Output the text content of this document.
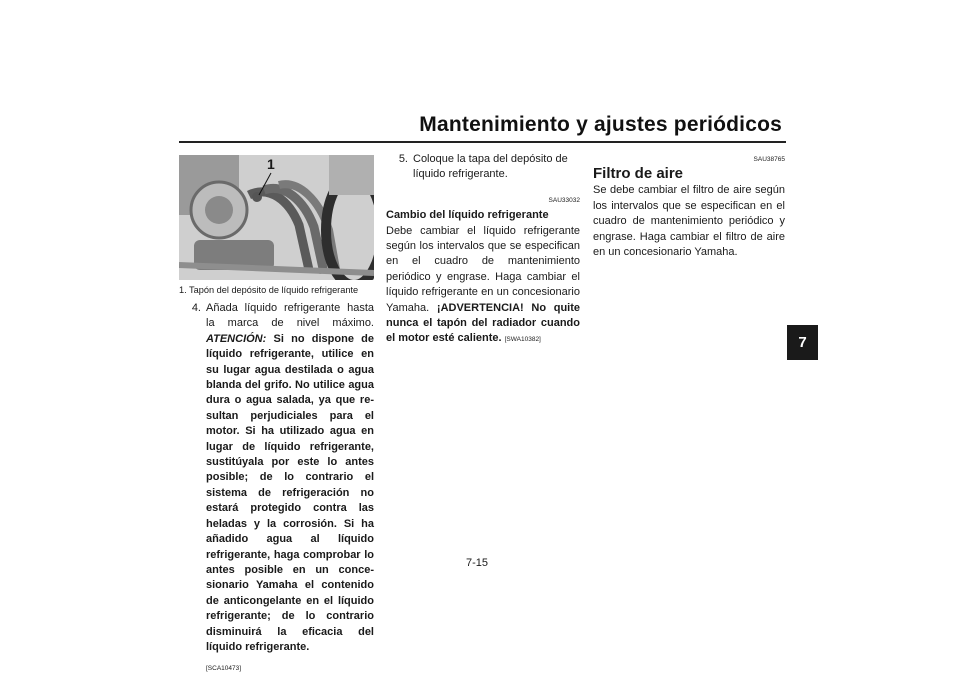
Mantenimiento y ajustes periódicos
7
1
1. Tapón del depósito de líquido refrigerante
4. Añada líquido refrigerante hasta la marca de nivel máximo. ATENCIÓN: Si no dispone de líquido refrigerante, utilice en su lugar agua destilada o agua blanda del grifo. No utilice agua dura o agua salada, ya que resultan perjudiciales para el motor. Si ha utilizado agua en lugar de líquido refrigerante, sustitúyala por este lo antes posible; de lo contrario el sistema de refrigeración no estará protegido contra las heladas y la corrosión. Si ha añadido agua al líquido refrigerante, haga comprobar lo antes posible en un concesionario Yamaha el contenido de anticongelante en el líquido refrigerante; de lo contrario disminuirá la eficacia del líquido refrigerante.
[SCA10473]
5. Coloque la tapa del depósito de líquido refrigerante.
SAU33032
Cambio del líquido refrigerante
Debe cambiar el líquido refrigerante según los intervalos que se especifican en el cuadro de mantenimiento periódico y engrase. Haga cambiar el líquido refrigerante en un concesionario Yamaha. ¡ADVERTENCIA! No quite nunca el tapón del radiador cuando el motor esté caliente. [SWA10382]
SAU38765
Filtro de aire
Se debe cambiar el filtro de aire según los intervalos que se especifican en el cuadro de mantenimiento periódico y engrase. Haga cambiar el filtro de aire en un concesionario Yamaha.
7-15
